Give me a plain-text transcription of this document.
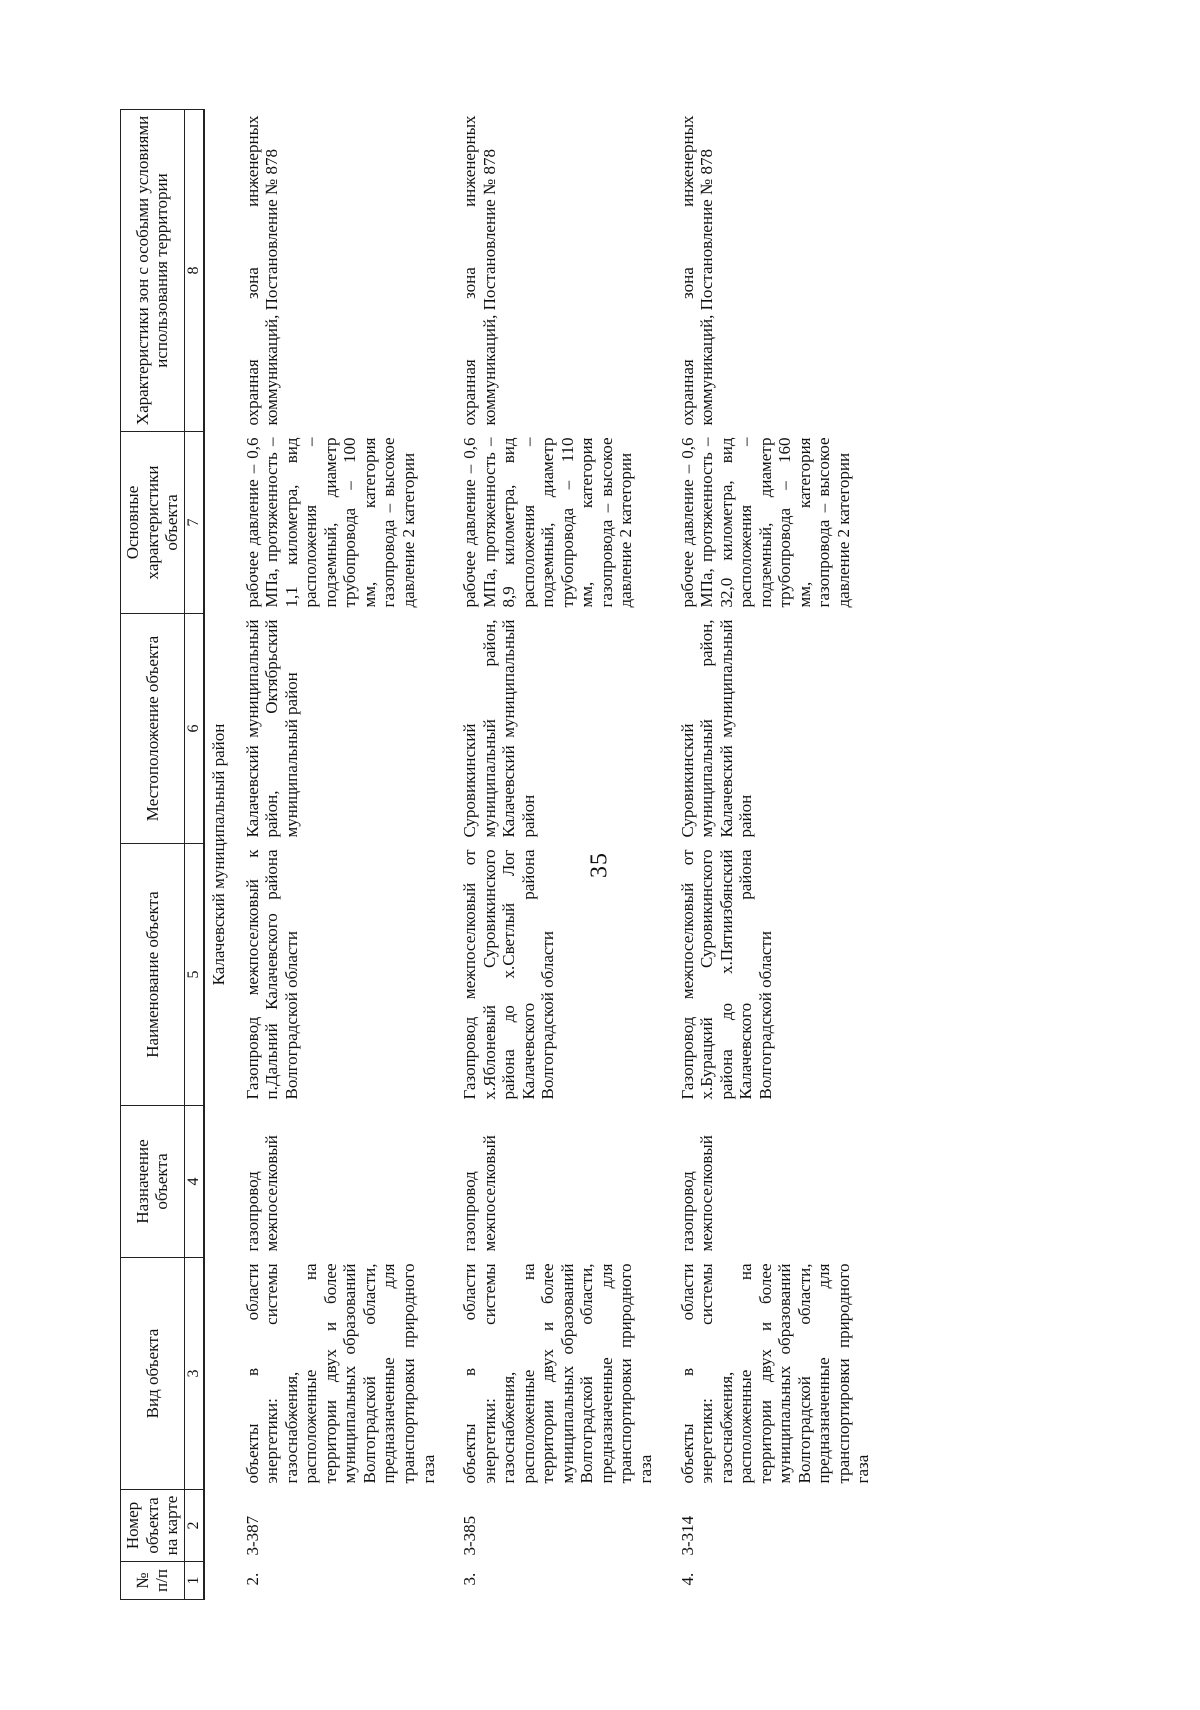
35
№ п/п	Номер объекта на карте	Вид объекта	Назначение объекта	Наименование объекта	Местоположение объекта	Основные характеристики объекта	Характеристики зон с особыми условиями использования территории
1	2	3	4	5	6	7	8
Калачевский муниципальный район							
2.	3-387	объекты в области энергетики: системы газоснабжения, расположенные на территории двух и более муниципальных образований Волгоградской области, предназначенные для транспортировки природного газа	газопровод межпоселковый	Газопровод межпоселковый к п.Дальний Калачевского района Волгоградской области	Калачевский муниципальный район, Октябрьский муниципальный район	рабочее давление – 0,6 МПа, протяженность – 1,1 километра, вид расположения – подземный, диаметр трубопровода – 100 мм, категория газопровода – высокое давление 2 категории	охранная зона инженерных коммуникаций, Постановление № 878
3.	3-385	объекты в области энергетики: системы газоснабжения, расположенные на территории двух и более муниципальных образований Волгоградской области, предназначенные для транспортировки природного газа	газопровод межпоселковый	Газопровод межпоселковый от х.Яблоневый Суровикинского района до х.Светлый Лог Калачевского района Волгоградской области	Суровикинский муниципальный район, Калачевский муниципальный район	рабочее давление – 0,6 МПа, протяженность – 8,9 километра, вид расположения – подземный, диаметр трубопровода – 110 мм, категория газопровода – высокое давление 2 категории	охранная зона инженерных коммуникаций, Постановление № 878
4.	3-314	объекты в области энергетики: системы газоснабжения, расположенные на территории двух и более муниципальных образований Волгоградской области, предназначенные для транспортировки природного газа	газопровод межпоселковый	Газопровод межпоселковый от х.Бурацкий Суровикинского района до х.Пятиизбянский Калачевского района Волгоградской области	Суровикинский муниципальный район, Калачевский муниципальный район	рабочее давление – 0,6 МПа, протяженность – 32,0 километра, вид расположения – подземный, диаметр трубопровода – 160 мм, категория газопровода – высокое давление 2 категории	охранная зона инженерных коммуникаций, Постановление № 878
